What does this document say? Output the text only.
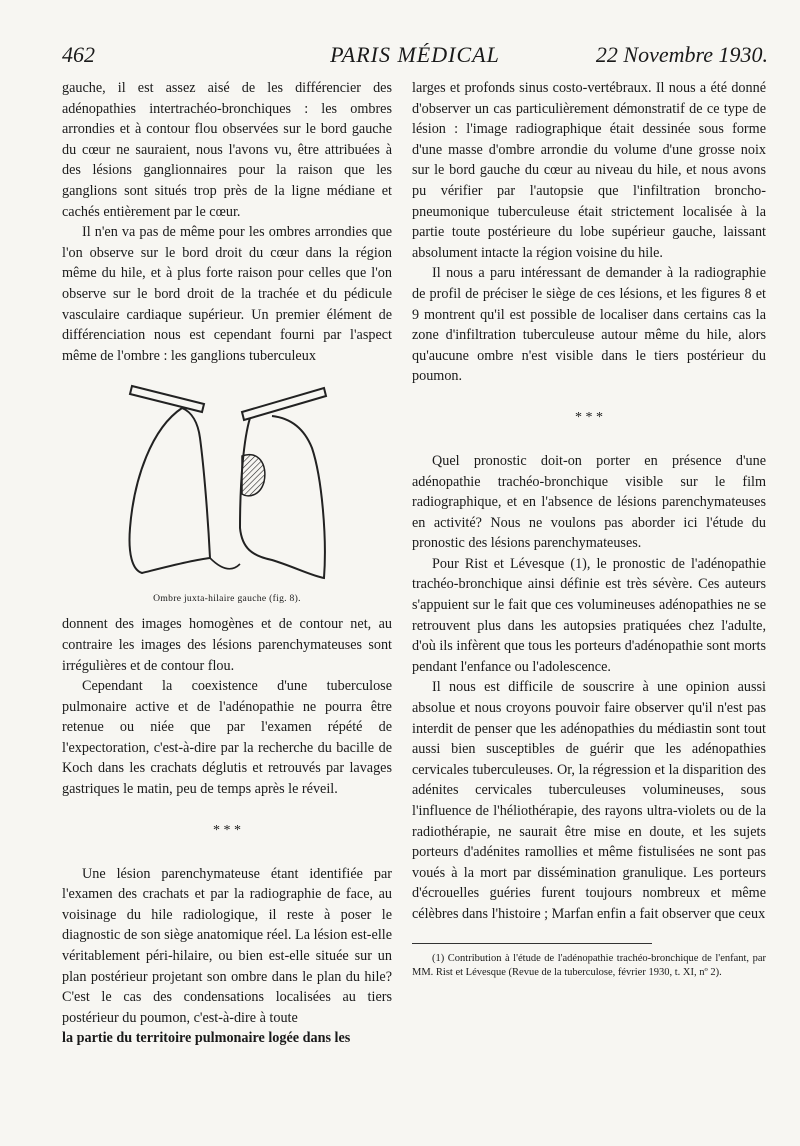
462	PARIS MÉDICAL	22 Novembre 1930.

gauche, il est assez aisé de les différencier des adénopathies intertrachéo-bronchiques : les ombres arrondies et à contour flou observées sur le bord gauche du cœur ne sauraient, nous l'avons vu, être attribuées à des lésions ganglionnaires pour la raison que les ganglions sont situés trop près de la ligne médiane et cachés entièrement par le cœur.

Il n'en va pas de même pour les ombres arrondies que l'on observe sur le bord droit du cœur dans la région même du hile, et à plus forte raison pour celles que l'on observe sur le bord droit de la trachée et du pédicule vasculaire cardiaque supérieur. Un premier élément de différenciation nous est cependant fourni par l'aspect même de l'ombre : les ganglions tuberculeux

Ombre juxta-hilaire gauche (fig. 8).

donnent des images homogènes et de contour net, au contraire les images des lésions parenchymateuses sont irrégulières et de contour flou.

Cependant la coexistence d'une tuberculose pulmonaire active et de l'adénopathie ne pourra être retenue ou niée que par l'examen répété de l'expectoration, c'est-à-dire par la recherche du bacille de Koch dans les crachats déglutis et retrouvés par lavages gastriques le matin, peu de temps après le réveil.

* * *

Une lésion parenchymateuse étant identifiée par l'examen des crachats et par la radiographie de face, au voisinage du hile radiologique, il reste à poser le diagnostic de son siège anatomique réel. La lésion est-elle véritablement péri-hilaire, ou bien est-elle située sur un plan postérieur projetant son ombre dans le plan du hile? C'est le cas des condensations localisées au tiers postérieur du poumon, c'est-à-dire à toute

la partie du territoire pulmonaire logée dans les

larges et profonds sinus costo-vertébraux. Il nous a été donné d'observer un cas particulièrement démonstratif de ce type de lésion : l'image radiographique était dessinée sous forme d'une masse d'ombre arrondie du volume d'une grosse noix sur le bord gauche du cœur au niveau du hile, et nous avons pu vérifier par l'autopsie que l'infiltration broncho-pneumonique tuberculeuse était strictement localisée à la partie toute postérieure du lobe supérieur gauche, laissant absolument intacte la région voisine du hile.

Il nous a paru intéressant de demander à la radiographie de profil de préciser le siège de ces lésions, et les figures 8 et 9 montrent qu'il est possible de localiser dans certains cas la zone d'infiltration tuberculeuse autour même du hile, alors qu'aucune ombre n'est visible dans le tiers postérieur du poumon.

* * *

Quel pronostic doit-on porter en présence d'une adénopathie trachéo-bronchique visible sur le film radiographique, et en l'absence de lésions parenchymateuses en activité? Nous ne voulons pas aborder ici l'étude du pronostic des lésions parenchymateuses.

Pour Rist et Lévesque (1), le pronostic de l'adénopathie trachéo-bronchique ainsi définie est très sévère. Ces auteurs s'appuient sur le fait que ces volumineuses adénopathies ne se retrouvent plus dans les autopsies pratiquées chez l'adulte, d'où ils infèrent que tous les porteurs d'adénopathie sont morts pendant l'enfance ou l'adolescence.

Il nous est difficile de souscrire à une opinion aussi absolue et nous croyons pouvoir faire observer qu'il n'est pas interdit de penser que les adénopathies du médiastin sont tout aussi bien susceptibles de guérir que les adénopathies cervicales tuberculeuses. Or, la régression et la disparition des adénites cervicales tuberculeuses volumineuses, sous l'influence de l'héliothérapie, des rayons ultra-violets ou de la radiothérapie, ne saurait être mise en doute, et les sujets porteurs d'adénites ramollies et même fistulisées ne sont pas voués à la mort par dissémination granulique. Les porteurs d'écrouelles guéries furent toujours nombreux et même célèbres dans l'histoire ; Marfan enfin a fait observer que ceux

(1) Contribution à l'étude de l'adénopathie trachéo-bronchique de l'enfant, par MM. Rist et Lévesque (Revue de la tuberculose, février 1930, t. XI, nº 2).
